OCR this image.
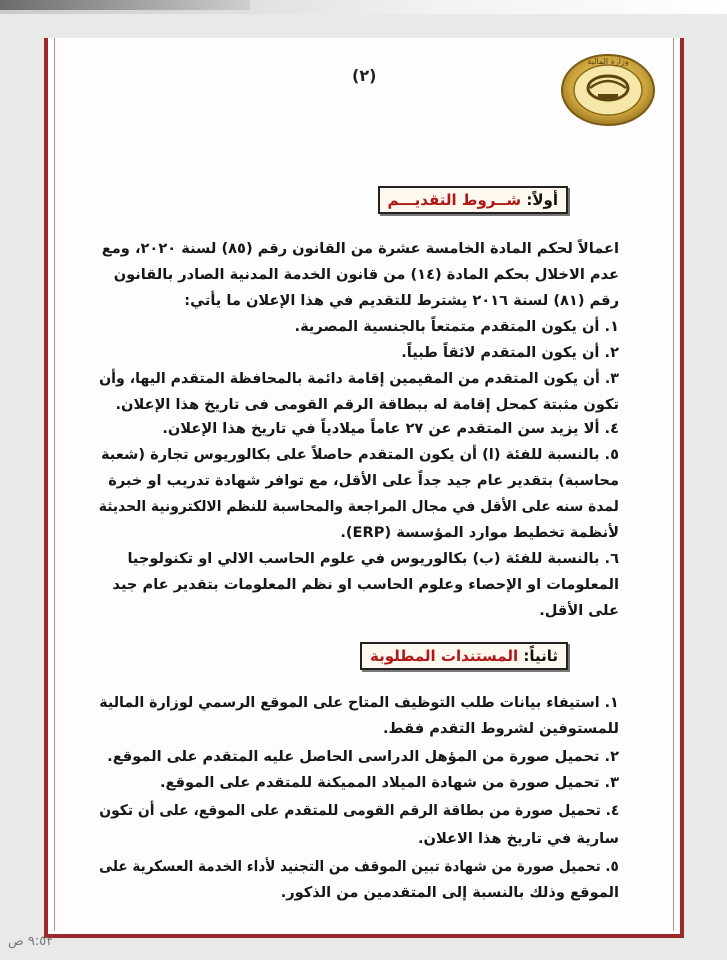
(٢)
وزارة المالية
أولاً: شــروط التقديـــم
اعمالاً لحكم المادة الخامسة عشرة من القانون رقم (٨٥) لسنة ٢٠٢٠، ومع
عدم الاخلال بحكم المادة (١٤) من قانون الخدمة المدنية الصادر بالقانون
رقم (٨١) لسنة ٢٠١٦ يشترط للتقديم في هذا الإعلان ما يأتي:
١. أن يكون المتقدم متمتعاً بالجنسية المصرية.
٢. أن يكون المتقدم لائقاً طبياً.
٣. أن يكون المتقدم من المقيمين إقامة دائمة بالمحافظة المتقدم اليها، وأن
تكون مثبتة كمحل إقامة له ببطاقة الرقم القومى فى تاريخ هذا الإعلان.
٤. ألا يزيد سن المتقدم عن ٢٧ عاماً ميلادياً في تاريخ هذا الإعلان.
٥. بالنسبة للفئة (ا) أن يكون المتقدم حاصلاً على بكالوريوس تجارة (شعبة
محاسبة) بتقدير عام جيد جداً على الأقل، مع توافر شهادة تدريب او خبرة
لمدة سنه على الأقل في مجال المراجعة والمحاسبة للنظم الالكترونية الحديثة
لأنظمة تخطيط موارد المؤسسة (ERP).
٦. بالنسبة للفئة (ب) بكالوريوس في علوم الحاسب الالي او تكنولوجيا
المعلومات او الإحصاء وعلوم الحاسب او نظم المعلومات بتقدير عام جيد
على الأقل.
ثانياً: المستندات المطلوبة
١. استيفاء بيانات طلب التوظيف المتاح على الموقع الرسمي لوزارة المالية
للمستوفين لشروط التقدم فقط.
٢. تحميل صورة من المؤهل الدراسى الحاصل عليه المتقدم على الموقع.
٣. تحميل صورة من شهادة الميلاد المميكنة للمتقدم على الموقع.
٤. تحميل صورة من بطاقة الرقم القومى للمتقدم على الموقع، على أن تكون
سارية في تاريخ هذا الاعلان.
٥. تحميل صورة من شهادة تبين الموقف من التجنيد لأداء الخدمة العسكرية على
الموقع وذلك بالنسبة إلى المتقدمين من الذكور.
٩:٥٢ ص
